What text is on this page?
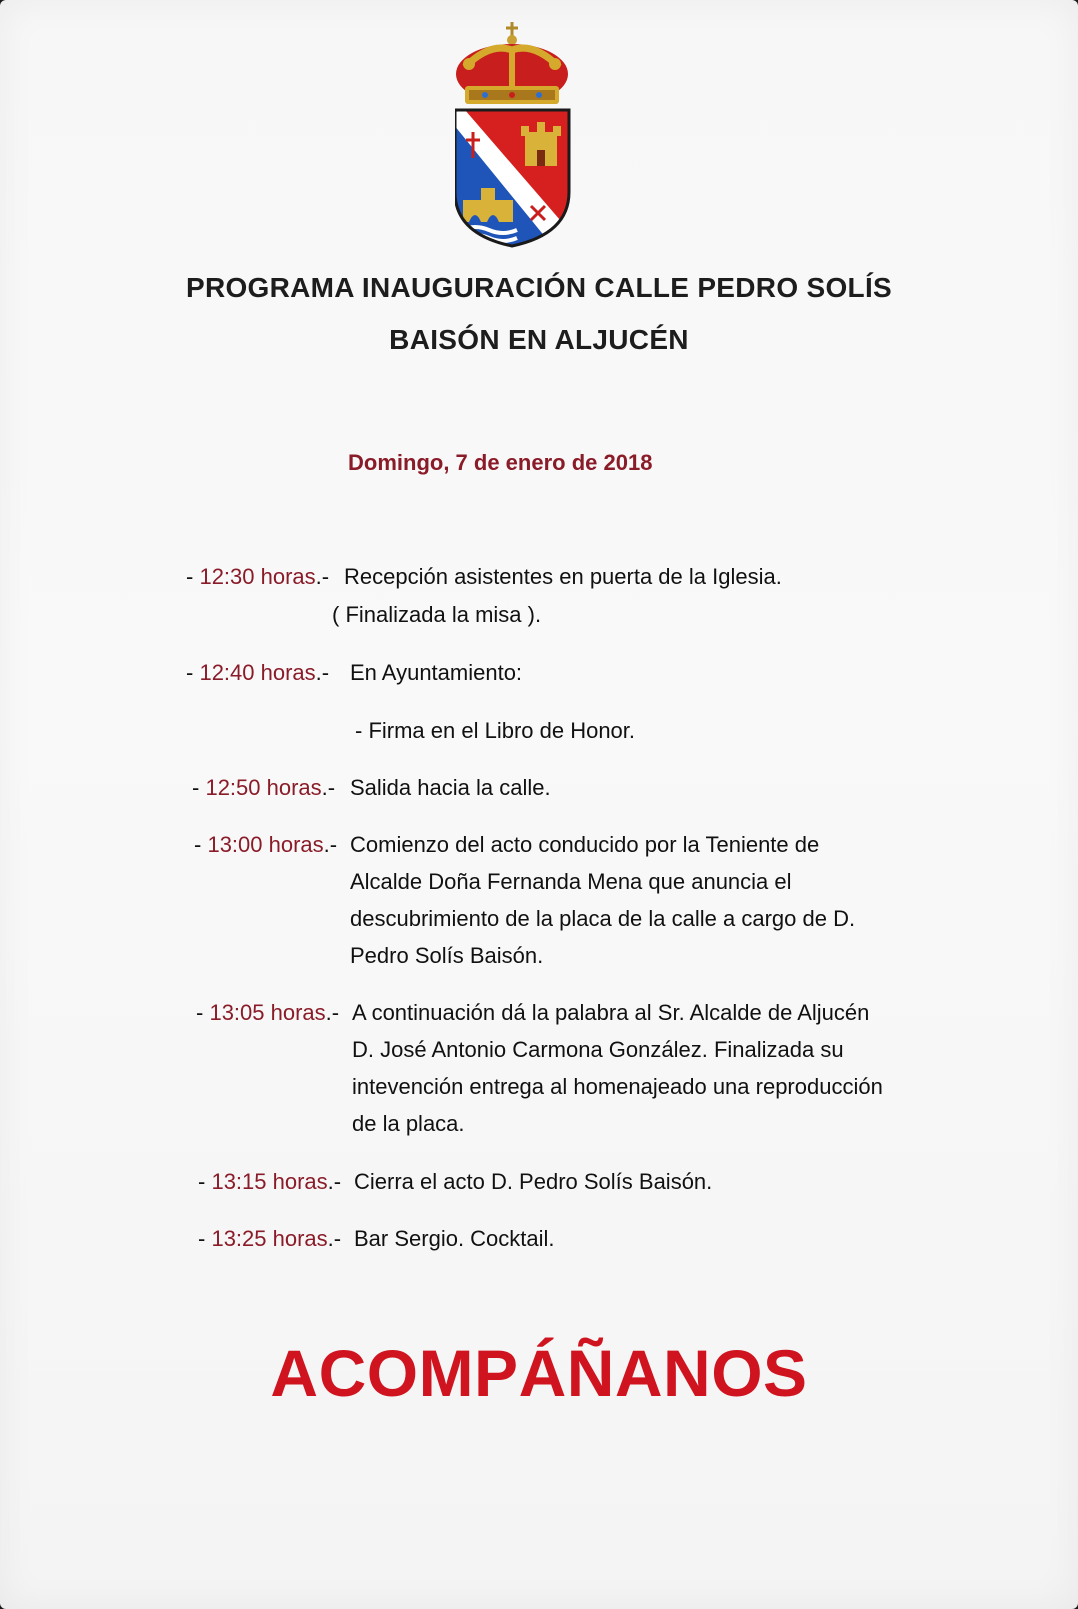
PROGRAMA INAUGURACIÓN CALLE PEDRO SOLÍS
BAISÓN EN ALJUCÉN
Domingo, 7 de enero de 2018
- 12:30 horas.- Recepción asistentes en puerta de la Iglesia.
( Finalizada la misa ).
- 12:40 horas.- En Ayuntamiento:
- Firma en el Libro de Honor.
- 12:50 horas.- Salida hacia la calle.
- 13:00 horas.- Comienzo del acto conducido por la Teniente de
Alcalde Doña Fernanda Mena que anuncia el
descubrimiento de la placa de la calle a cargo de D.
Pedro Solís Baisón.
- 13:05 horas.- A continuación dá la palabra al Sr. Alcalde de Aljucén
D. José Antonio Carmona González. Finalizada su
intevención entrega al homenajeado una reproducción
de la placa.
- 13:15 horas.- Cierra el acto D. Pedro Solís Baisón.
- 13:25 horas.- Bar Sergio. Cocktail.
ACOMPÁÑANOS
